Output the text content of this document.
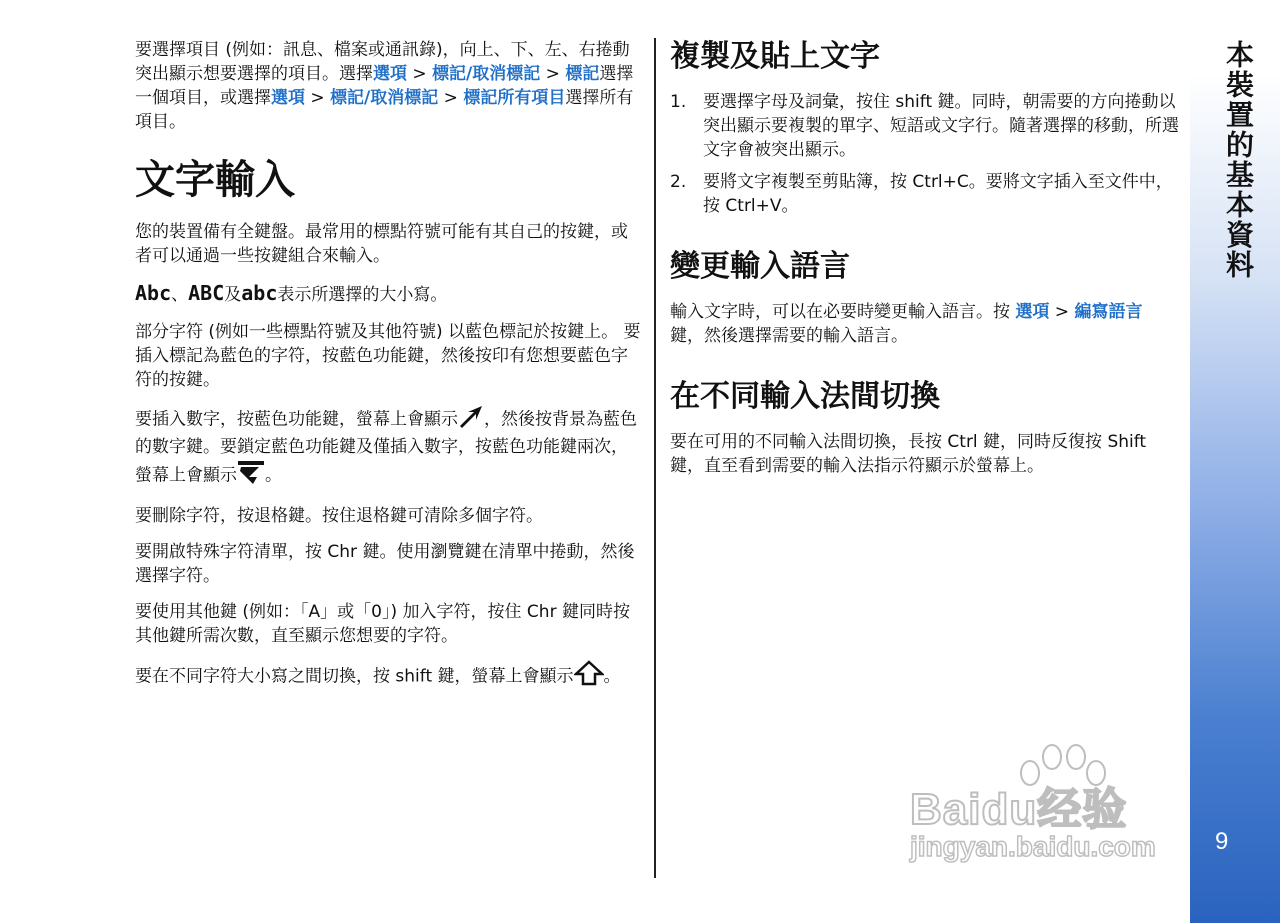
要選擇項目 (例如：訊息、檔案或通訊錄)，向上、下、左、右捲動突出顯示想要選擇的項目。選擇選項 > 標記/取消標記 > 標記選擇一個項目，或選擇選項 > 標記/取消標記 > 標記所有項目選擇所有項目。

文字輸入

您的裝置備有全鍵盤。最常用的標點符號可能有其自己的按鍵，或者可以通過一些按鍵組合來輸入。

Abc、ABC及abc表示所選擇的大小寫。

部分字符 (例如一些標點符號及其他符號) 以藍色標記於按鍵上。 要插入標記為藍色的字符，按藍色功能鍵，然後按印有您想要藍色字符的按鍵。

要插入數字，按藍色功能鍵，螢幕上會顯示 ，然後按背景為藍色的數字鍵。要鎖定藍色功能鍵及僅插入數字，按藍色功能鍵兩次，螢幕上會顯示 。

要刪除字符，按退格鍵。按住退格鍵可清除多個字符。

要開啟特殊字符清單，按 Chr 鍵。使用瀏覽鍵在清單中捲動，然後選擇字符。

要使用其他鍵 (例如：「A」或「0」) 加入字符，按住 Chr 鍵同時按其他鍵所需次數，直至顯示您想要的字符。

要在不同字符大小寫之間切換，按 shift 鍵，螢幕上會顯示 。

複製及貼上文字
1. 要選擇字母及詞彙，按住 shift 鍵。同時，朝需要的方向捲動以突出顯示要複製的單字、短語或文字行。隨著選擇的移動，所選文字會被突出顯示。
2. 要將文字複製至剪貼簿，按 Ctrl+C。要將文字插入至文件中，按 Ctrl+V。
變更輸入語言

輸入文字時，可以在必要時變更輸入語言。按 選項 > 編寫語言 鍵，然後選擇需要的輸入語言。

在不同輸入法間切換

要在可用的不同輸入法間切換，長按 Ctrl 鍵，同時反復按 Shift 鍵，直至看到需要的輸入法指示符顯示於螢幕上。

本裝置的基本資料
9
Baidu经验
jingyan.baidu.com
